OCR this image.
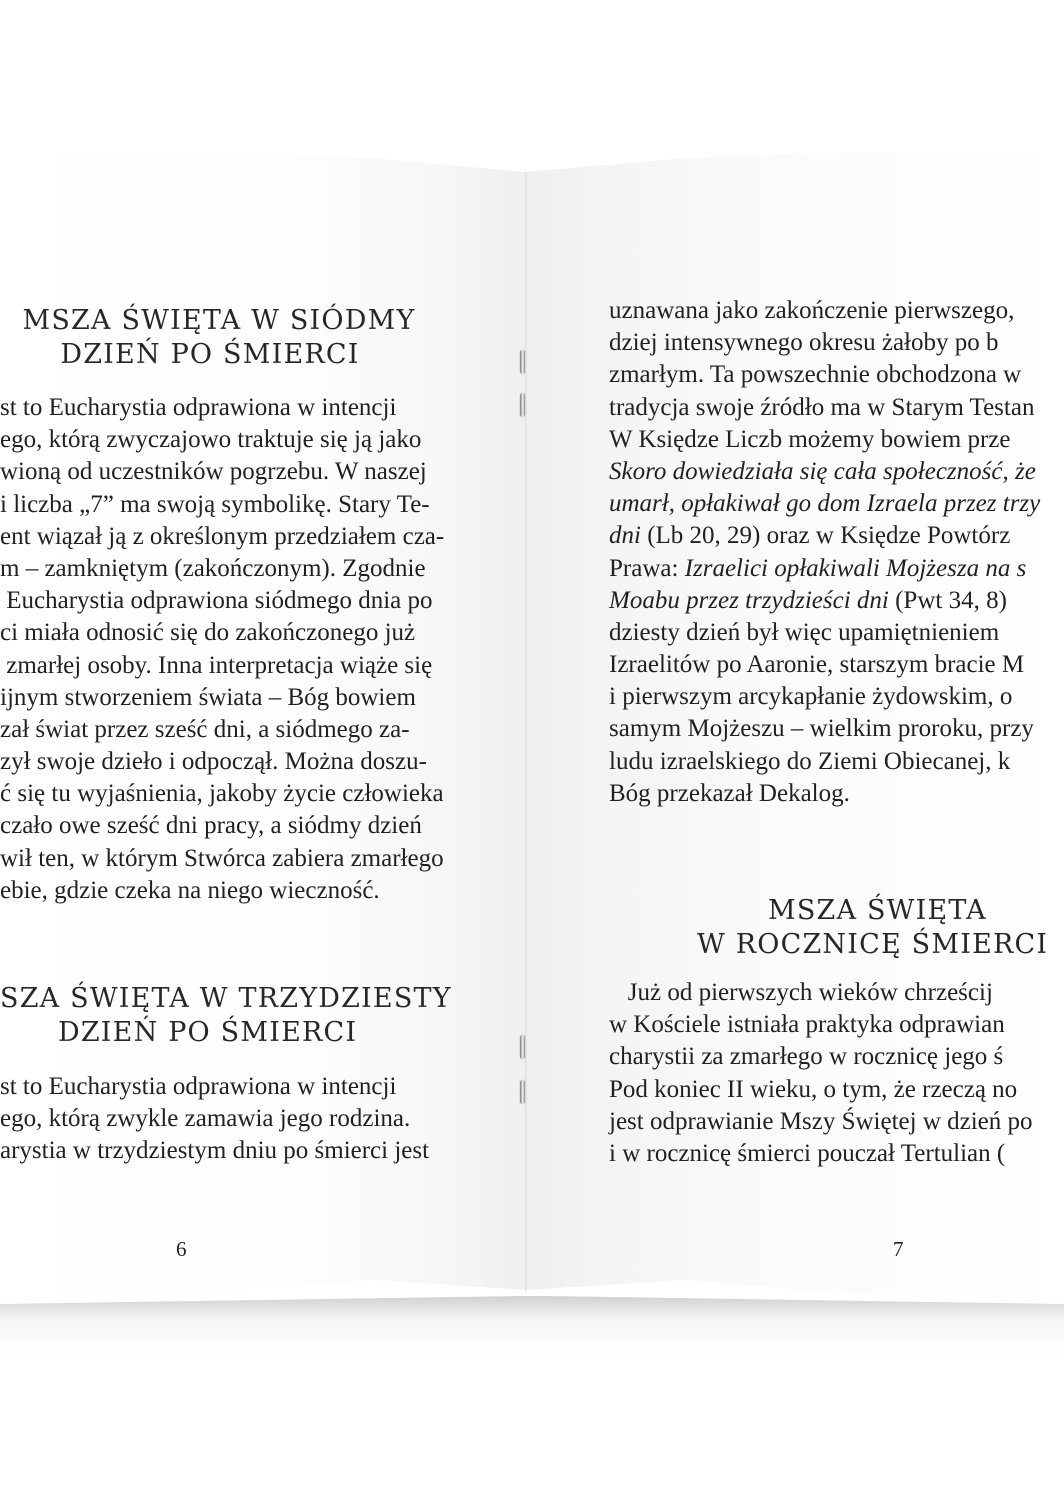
MSZA ŚWIĘTA W SIÓDMY
DZIEŃ PO ŚMIERCI
st to Eucharystia odprawiona w intencji
ego, którą zwyczajowo traktuje się ją jako
wioną od uczestników pogrzebu. W naszej
i liczba „7” ma swoją symbolikę. Stary Te-
ent wiązał ją z określonym przedziałem cza-
m – zamkniętym (zakończonym). Zgodnie
Eucharystia odprawiona siódmego dnia po
ci miała odnosić się do zakończonego już
zmarłej osoby. Inna interpretacja wiąże się
ijnym stworzeniem świata – Bóg bowiem
zał świat przez sześć dni, a siódmego za-
zył swoje dzieło i odpoczął. Można doszu-
ć się tu wyjaśnienia, jakoby życie człowieka
czało owe sześć dni pracy, a siódmy dzień
wił ten, w którym Stwórca zabiera zmarłego
ebie, gdzie czeka na niego wieczność.
SZA ŚWIĘTA W TRZYDZIESTY
DZIEŃ PO ŚMIERCI
st to Eucharystia odprawiona w intencji
ego, którą zwykle zamawia jego rodzina.
arystia w trzydziestym dniu po śmierci jest
6
uznawana jako zakończenie pierwszego,
dziej intensywnego okresu żałoby po b
zmarłym. Ta powszechnie obchodzona w
tradycja swoje źródło ma w Starym Testan
W Księdze Liczb możemy bowiem prze
Skoro dowiedziała się cała społeczność, że
umarł, opłakiwał go dom Izraela przez trzy
dni (Lb 20, 29) oraz w Księdze Powtórz
Prawa: Izraelici opłakiwali Mojżesza na s
Moabu przez trzydzieści dni (Pwt 34, 8)
dziesty dzień był więc upamiętnieniem
Izraelitów po Aaronie, starszym bracie M
i pierwszym arcykapłanie żydowskim, o
samym Mojżeszu – wielkim proroku, przy
ludu izraelskiego do Ziemi Obiecanej, k
Bóg przekazał Dekalog.
MSZA ŚWIĘTA
W ROCZNICĘ ŚMIERCI
Już od pierwszych wieków chrześcij
w Kościele istniała praktyka odprawian
charystii za zmarłego w rocznicę jego ś
Pod koniec II wieku, o tym, że rzeczą no
jest odprawianie Mszy Świętej w dzień po
i w rocznicę śmierci pouczał Tertulian (
7
